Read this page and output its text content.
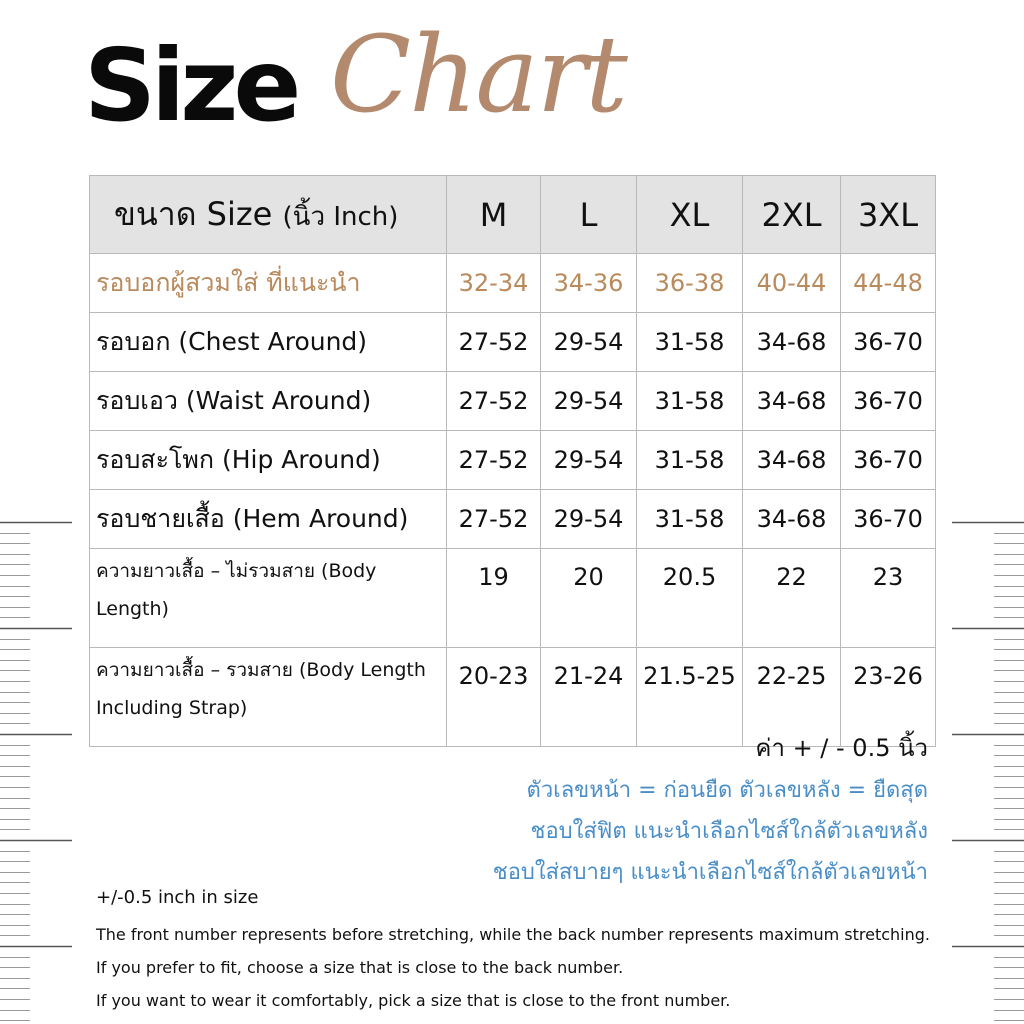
Size Chart
ขนาด Size (นิ้ว Inch)	M	L	XL	2XL	3XL
รอบอกผู้สวมใส่ ที่แนะนำ	32-34	34-36	36-38	40-44	44-48
รอบอก (Chest Around)	27-52	29-54	31-58	34-68	36-70
รอบเอว (Waist Around)	27-52	29-54	31-58	34-68	36-70
รอบสะโพก (Hip Around)	27-52	29-54	31-58	34-68	36-70
รอบชายเสื้อ (Hem Around)	27-52	29-54	31-58	34-68	36-70
ความยาวเสื้อ – ไม่รวมสาย (Body Length)	19	20	20.5	22	23
ความยาวเสื้อ – รวมสาย (Body Length Including Strap)	20-23	21-24	21.5-25	22-25	23-26
ค่า + / - 0.5 นิ้ว
ตัวเลขหน้า = ก่อนยืด ตัวเลขหลัง = ยืดสุด
ชอบใส่ฟิต แนะนำเลือกไซส์ใกล้ตัวเลขหลัง
ชอบใส่สบายๆ แนะนำเลือกไซส์ใกล้ตัวเลขหน้า
+/-0.5 inch in size
The front number represents before stretching, while the back number represents maximum stretching.
If you prefer to fit, choose a size that is close to the back number.
If you want to wear it comfortably, pick a size that is close to the front number.
